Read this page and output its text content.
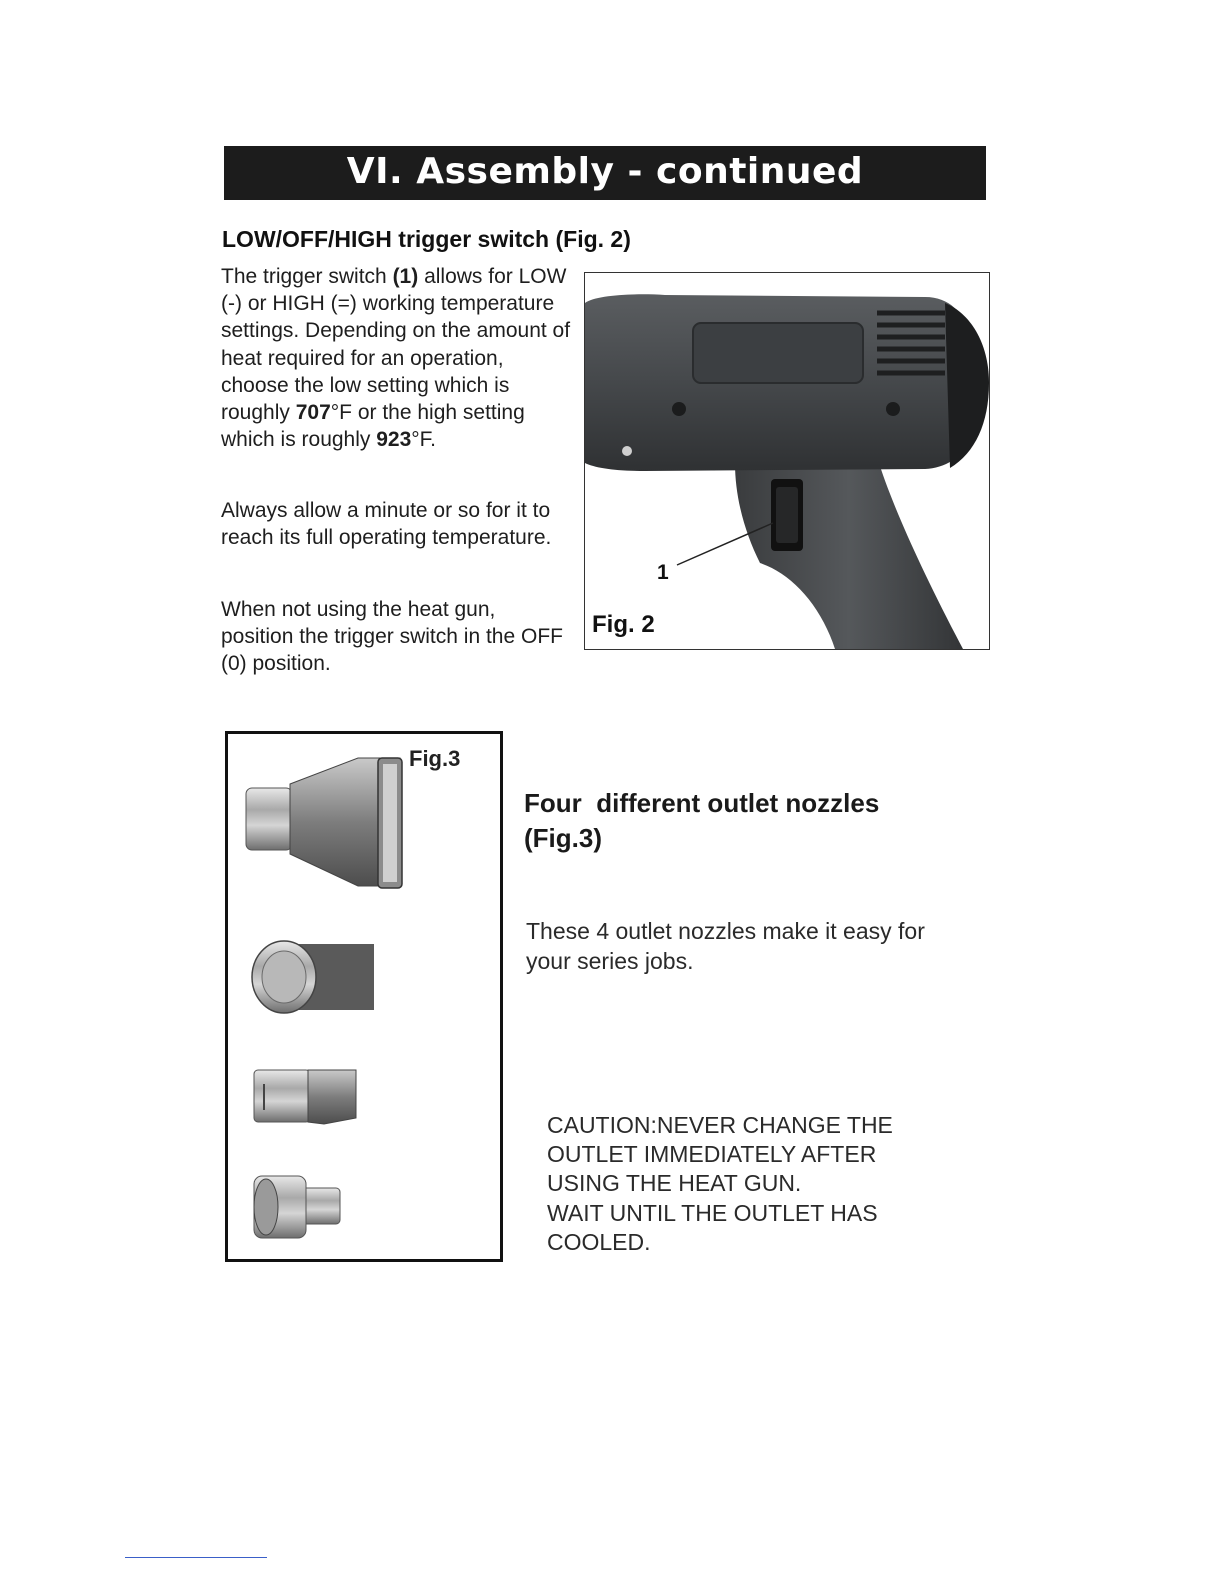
VI. Assembly - continued
LOW/OFF/HIGH trigger switch (Fig. 2)
The trigger switch (1) allows for LOW (-) or HIGH (=) working temperature settings. Depending on the amount of heat required for an operation, choose the low setting which is roughly 707°F or the high setting which is roughly 923°F.
Always allow a minute or so for it to reach its full operating temperature.
When not using the heat gun, position the trigger switch in the OFF (0) position.
1
Fig. 2
Fig.3
Four  different outlet nozzles
(Fig.3)
These 4 outlet nozzles make it easy for your series jobs.
CAUTION:NEVER CHANGE THE
OUTLET IMMEDIATELY AFTER
USING THE HEAT GUN.
WAIT UNTIL THE OUTLET HAS
COOLED.
